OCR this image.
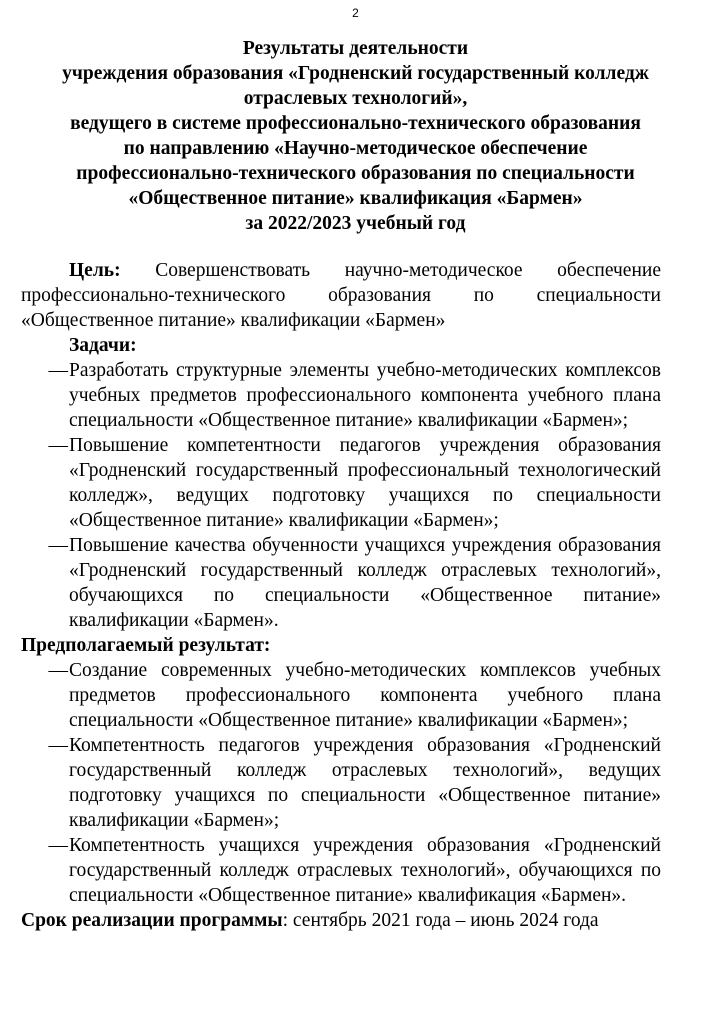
2
Результаты деятельности
учреждения образования «Гродненский государственный колледж
отраслевых технологий»,
ведущего в системе профессионально-технического образования
по направлению «Научно-методическое обеспечение
профессионально-технического образования по специальности
«Общественное питание» квалификация «Бармен»
за 2022/2023 учебный год

Цель: Совершенствовать научно-методическое обеспечение профессионально-технического образования по специальности «Общественное питание» квалификации «Бармен»

Задачи:
— Разработать структурные элементы учебно-методических комплексов учебных предметов профессионального компонента учебного плана специальности «Общественное питание» квалификации «Бармен»;
— Повышение компетентности педагогов учреждения образования «Гродненский государственный профессиональный технологический колледж», ведущих подготовку учащихся по специальности «Общественное питание» квалификации «Бармен»;
— Повышение качества обученности учащихся учреждения образования «Гродненский государственный колледж отраслевых технологий», обучающихся по специальности «Общественное питание» квалификации «Бармен».
Предполагаемый результат:
— Создание современных учебно-методических комплексов учебных предметов профессионального компонента учебного плана специальности «Общественное питание» квалификации «Бармен»;
— Компетентность педагогов учреждения образования «Гродненский государственный колледж отраслевых технологий», ведущих подготовку учащихся по специальности «Общественное питание» квалификации «Бармен»;
— Компетентность учащихся учреждения образования «Гродненский государственный колледж отраслевых технологий», обучающихся по специальности «Общественное питание» квалификация «Бармен».
Срок реализации программы: сентябрь 2021 года – июнь 2024 года
